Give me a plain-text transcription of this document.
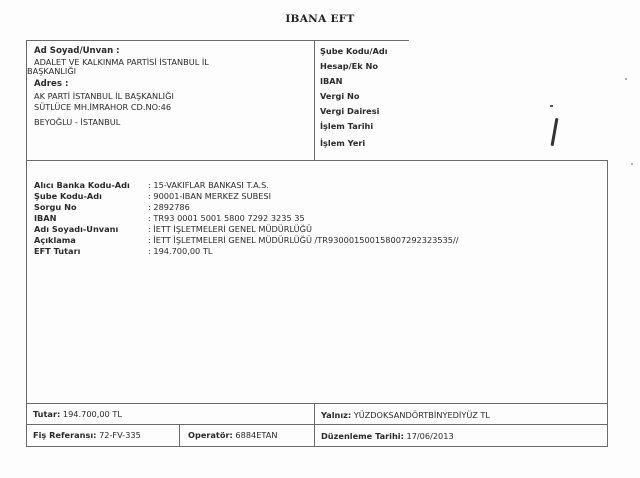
IBANA EFT
Ad Soyad/Unvan :
ADALET VE KALKINMA PARTİSİ İSTANBUL İL
BAŞKANLIĞI
Adres :
AK PARTİ İSTANBUL İL BAŞKANLIĞI
SÜTLÜCE MH.İMRAHOR CD.NO:46
BEYOĞLU - İSTANBUL
Şube Kodu/Adı
Hesap/Ek No
IBAN
Vergi No
Vergi Dairesi
İşlem Tarihi
İşlem Yeri
Alıcı Banka Kodu-Adı : 15-VAKIFLAR BANKASI T.A.S.
Şube Kodu-Adı	: 90001-IBAN MERKEZ SUBESI
Sorgu No	: 2892786
IBAN	: TR93 0001 5001 5800 7292 3235 35
Adı Soyadı-Unvanı	: İETT İŞLETMELERİ GENEL MÜDÜRLÜĞÜ
Açıklama	: İETT İŞLETMELERİ GENEL MÜDÜRLÜĞÜ /TR930001500158007292323535//
EFT Tutarı	: 194.700,00 TL
Tutar: 194.700,00 TL	Yalnız: YÜZDOKSANDÖRTBİNYEDİYÜZ TL
Fiş Referansı: 72-FV-335	Operatör: 6884ETAN	Düzenleme Tarihi: 17/06/2013
